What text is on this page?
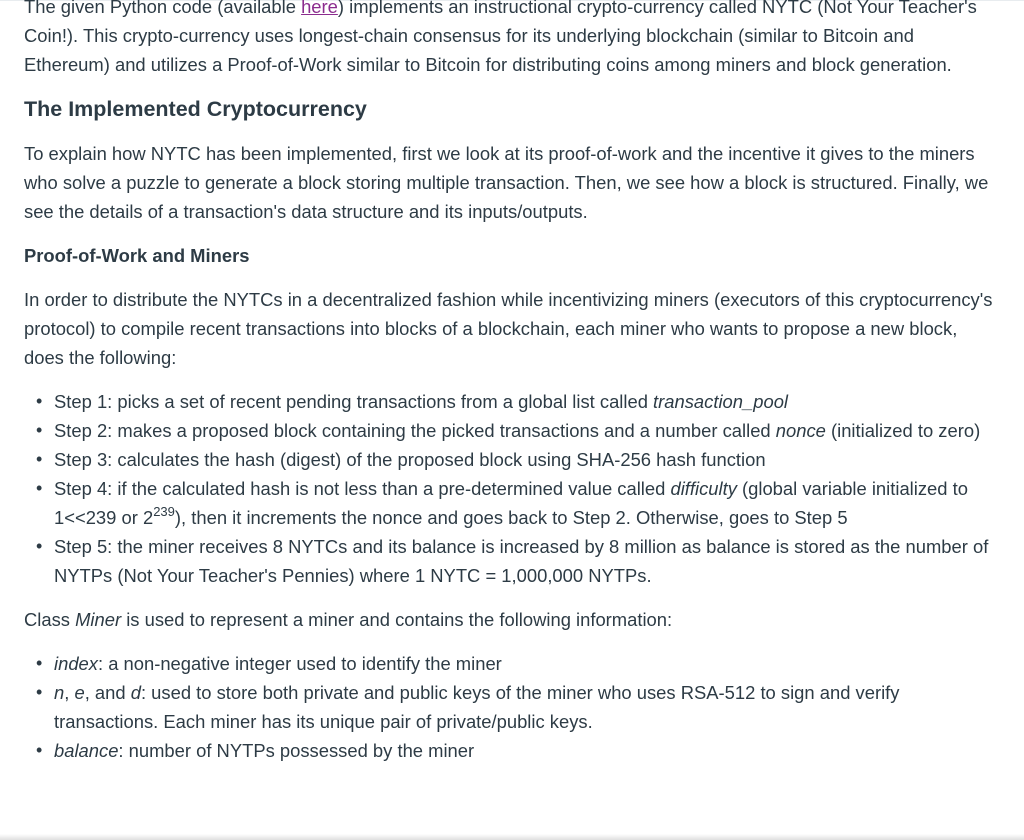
The given Python code (available here) implements an instructional crypto-currency called NYTC (Not Your Teacher's Coin!). This crypto-currency uses longest-chain consensus for its underlying blockchain (similar to Bitcoin and Ethereum) and utilizes a Proof-of-Work similar to Bitcoin for distributing coins among miners and block generation.

The Implemented Cryptocurrency

To explain how NYTC has been implemented, first we look at its proof-of-work and the incentive it gives to the miners who solve a puzzle to generate a block storing multiple transaction. Then, we see how a block is structured. Finally, we see the details of a transaction's data structure and its inputs/outputs.

Proof-of-Work and Miners

In order to distribute the NYTCs in a decentralized fashion while incentivizing miners (executors of this cryptocurrency's protocol) to compile recent transactions into blocks of a blockchain, each miner who wants to propose a new block, does the following:

• Step 1: picks a set of recent pending transactions from a global list called transaction_pool
• Step 2: makes a proposed block containing the picked transactions and a number called nonce (initialized to zero)
• Step 3: calculates the hash (digest) of the proposed block using SHA-256 hash function
• Step 4: if the calculated hash is not less than a pre-determined value called difficulty (global variable initialized to 1<<239 or $2^{239}$), then it increments the nonce and goes back to Step 2. Otherwise, goes to Step 5
• Step 5: the miner receives 8 NYTCs and its balance is increased by 8 million as balance is stored as the number of NYTPs (Not Your Teacher's Pennies) where 1 NYTC = 1,000,000 NYTPs.

Class Miner is used to represent a miner and contains the following information:

• index: a non-negative integer used to identify the miner
• n, e, and d: used to store both private and public keys of the miner who uses RSA-512 to sign and verify transactions. Each miner has its unique pair of private/public keys.
• balance: number of NYTPs possessed by the miner
